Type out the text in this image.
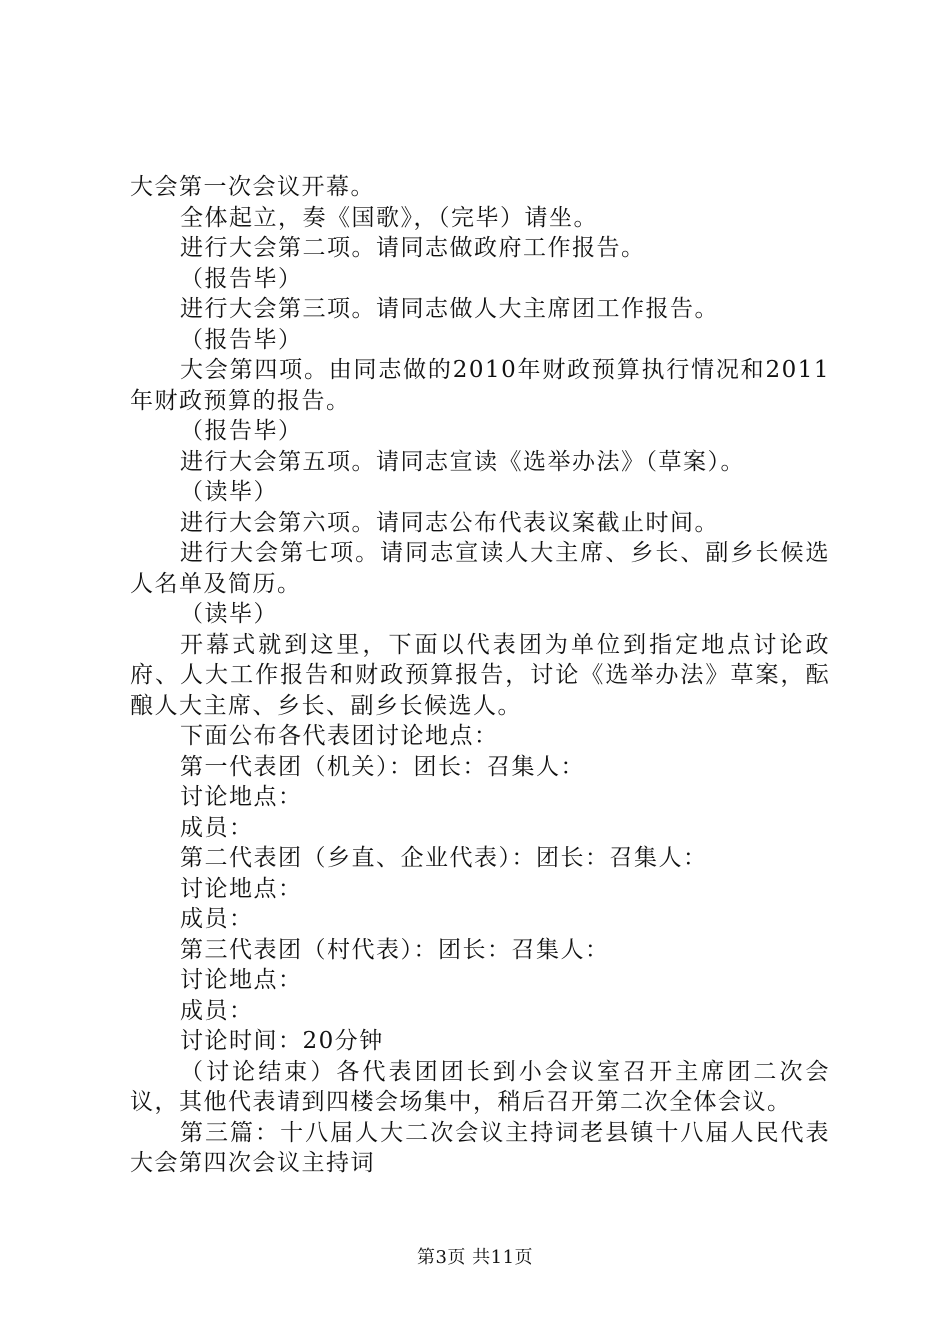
大会第一次会议开幕。

全体起立，奏《国歌》，（完毕）请坐。

进行大会第二项。请同志做政府工作报告。

（报告毕）

进行大会第三项。请同志做人大主席团工作报告。

（报告毕）

大会第四项。由同志做的2010年财政预算执行情况和2011年财政预算的报告。

（报告毕）

进行大会第五项。请同志宣读《选举办法》（草案）。

（读毕）

进行大会第六项。请同志公布代表议案截止时间。

进行大会第七项。请同志宣读人大主席、乡长、副乡长候选人名单及简历。

（读毕）

开幕式就到这里，下面以代表团为单位到指定地点讨论政府、人大工作报告和财政预算报告，讨论《选举办法》草案，酝酿人大主席、乡长、副乡长候选人。

下面公布各代表团讨论地点：

第一代表团（机关）：团长：召集人：

讨论地点：

成员：

第二代表团（乡直、企业代表）：团长：召集人：

讨论地点：

成员：

第三代表团（村代表）：团长：召集人：

讨论地点：

成员：

讨论时间：20分钟

（讨论结束）各代表团团长到小会议室召开主席团二次会议，其他代表请到四楼会场集中，稍后召开第二次全体会议。

第三篇：十八届人大二次会议主持词老县镇十八届人民代表大会第四次会议主持词

第3页 共11页
